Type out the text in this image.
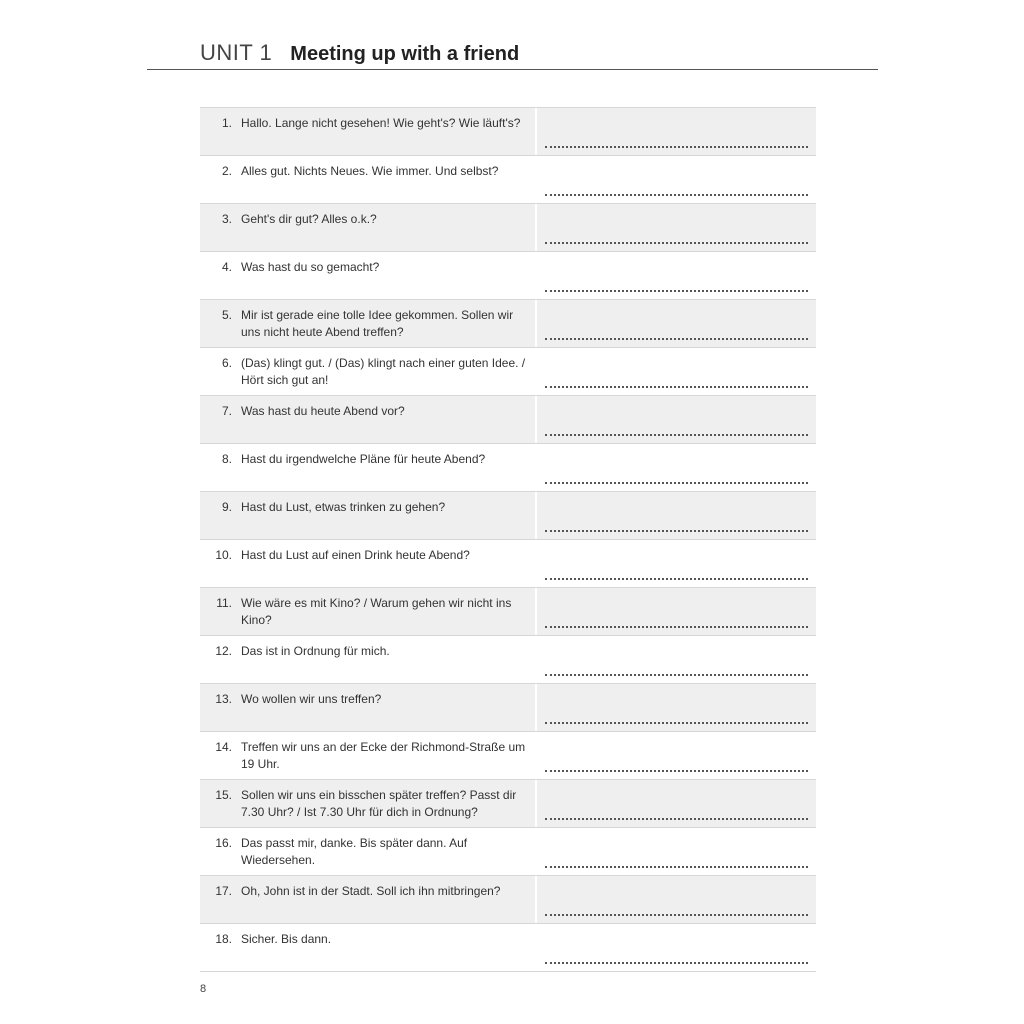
UNIT 1 Meeting up with a friend
1. Hallo. Lange nicht gesehen! Wie geht's? Wie läuft's?
2. Alles gut. Nichts Neues. Wie immer. Und selbst?
3. Geht's dir gut? Alles o.k.?
4. Was hast du so gemacht?
5. Mir ist gerade eine tolle Idee gekommen. Sollen wir uns nicht heute Abend treffen?
6. (Das) klingt gut. / (Das) klingt nach einer guten Idee. / Hört sich gut an!
7. Was hast du heute Abend vor?
8. Hast du irgendwelche Pläne für heute Abend?
9. Hast du Lust, etwas trinken zu gehen?
10. Hast du Lust auf einen Drink heute Abend?
11. Wie wäre es mit Kino? / Warum gehen wir nicht ins Kino?
12. Das ist in Ordnung für mich.
13. Wo wollen wir uns treffen?
14. Treffen wir uns an der Ecke der Richmond-Straße um 19 Uhr.
15. Sollen wir uns ein bisschen später treffen? Passt dir 7.30 Uhr? / Ist 7.30 Uhr für dich in Ordnung?
16. Das passt mir, danke. Bis später dann. Auf Wiedersehen.
17. Oh, John ist in der Stadt. Soll ich ihn mitbringen?
18. Sicher. Bis dann.
8
